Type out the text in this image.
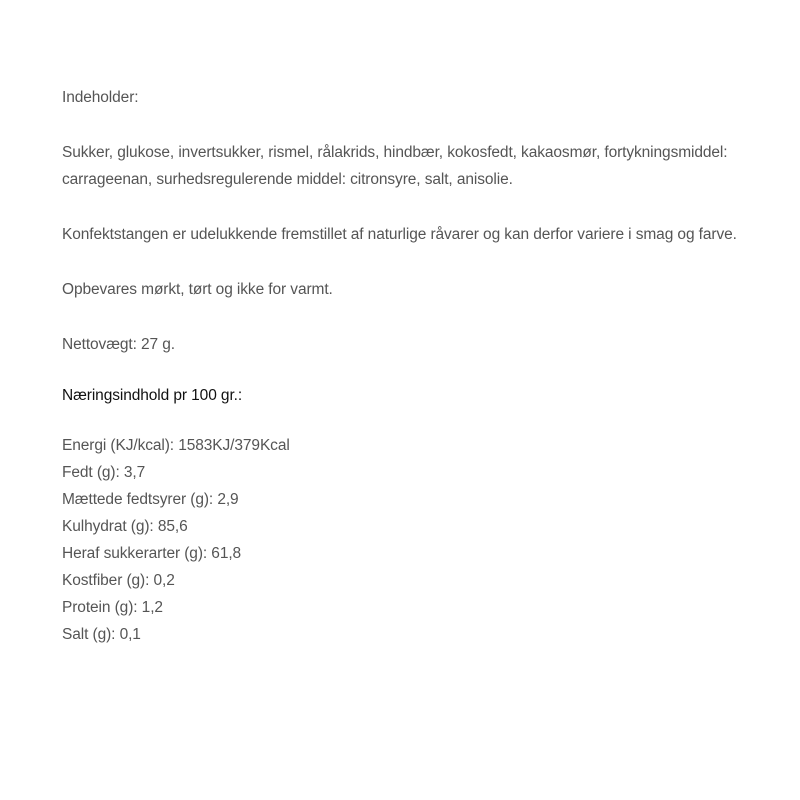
Indeholder:
Sukker, glukose, invertsukker, rismel, rålakrids, hindbær, kokosfedt, kakaosmør, fortykningsmiddel:
carrageenan, surhedsregulerende middel: citronsyre, salt, anisolie.
Konfektstangen er udelukkende fremstillet af naturlige råvarer og kan derfor variere i smag og farve.
Opbevares mørkt, tørt og ikke for varmt.
Nettovægt: 27 g.
Næringsindhold pr 100 gr.:
Energi (KJ/kcal): 1583KJ/379Kcal
Fedt (g): 3,7
Mættede fedtsyrer (g): 2,9
Kulhydrat (g): 85,6
Heraf sukkerarter (g): 61,8
Kostfiber (g): 0,2
Protein (g): 1,2
Salt (g): 0,1
